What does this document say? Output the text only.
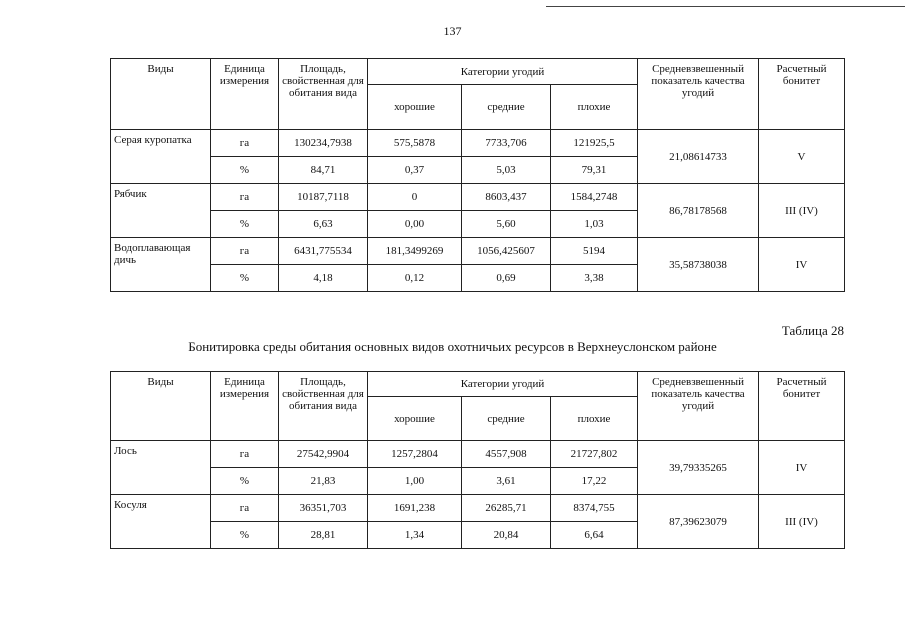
137
Виды	Единица измерения	Площадь, свойственная для обитания вида	Категории угодий			Средневзвешенный показатель качества угодий	Расчетный бонитет
			хорошие	средние	плохие		
Серая куропатка	га	130234,7938	575,5878	7733,706	121925,5	21,08614733	V
	%	84,71	0,37	5,03	79,31		
Рябчик	га	10187,7118	0	8603,437	1584,2748	86,78178568	III (IV)
	%	6,63	0,00	5,60	1,03		
Водоплавающая дичь	га	6431,775534	181,3499269	1056,425607	5194	35,58738038	IV
	%	4,18	0,12	0,69	3,38		
Таблица 28
Бонитировка среды обитания основных видов охотничьих ресурсов в Верхнеуслонском районе
Виды	Единица измерения	Площадь, свойственная для обитания вида	Категории угодий			Средневзвешенный показатель качества угодий	Расчетный бонитет
			хорошие	средние	плохие		
Лось	га	27542,9904	1257,2804	4557,908	21727,802	39,79335265	IV
	%	21,83	1,00	3,61	17,22		
Косуля	га	36351,703	1691,238	26285,71	8374,755	87,39623079	III (IV)
	%	28,81	1,34	20,84	6,64		
